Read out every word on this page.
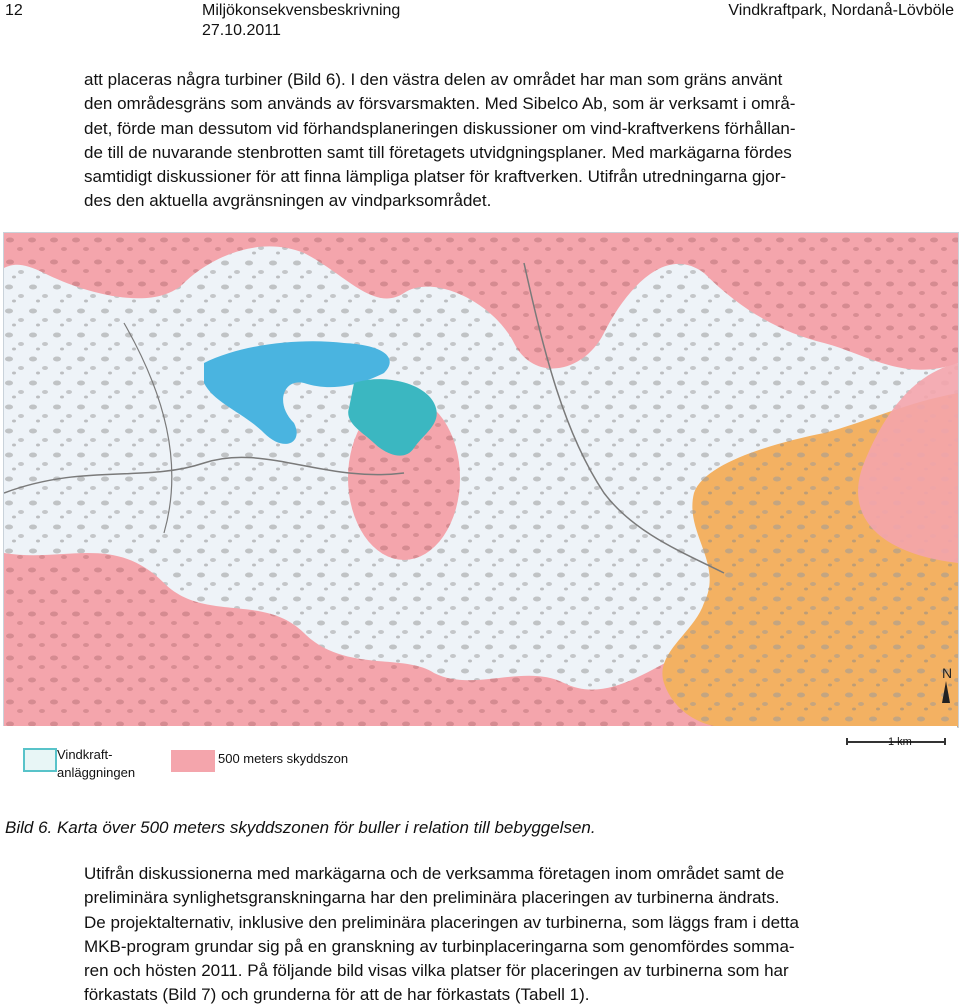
12	Miljökonsekvensbeskrivning
27.10.2011
Vindkraftpark, Nordanå-Lövböle

att placeras några turbiner (Bild 6). I den västra delen av området har man som gräns använt
den områdesgräns som används av försvarsmakten. Med Sibelco Ab, som är verksamt i områ-
det, förde man dessutom vid förhandsplaneringen diskussioner om vind-kraftverkens förhållan-
de till de nuvarande stenbrotten samt till företagets utvidgningsplaner. Med markägarna fördes
samtidigt diskussioner för att finna lämpliga platser för kraftverken. Utifrån utredningarna gjor-
des den aktuella avgränsningen av vindparksområdet.

N
Vindkraft-
anläggningen
500 meters skyddszon
1 km
Bild 6. Karta över 500 meters skyddszonen för buller i relation till bebyggelsen.

Utifrån diskussionerna med markägarna och de verksamma företagen inom området samt de
preliminära synlighetsgranskningarna har den preliminära placeringen av turbinerna ändrats.
De projektalternativ, inklusive den preliminära placeringen av turbinerna, som läggs fram i detta
MKB-program grundar sig på en granskning av turbinplaceringarna som genomfördes somma-
ren och hösten 2011. På följande bild visas vilka platser för placeringen av turbinerna som har
förkastats (Bild 7) och grunderna för att de har förkastats (Tabell 1).
